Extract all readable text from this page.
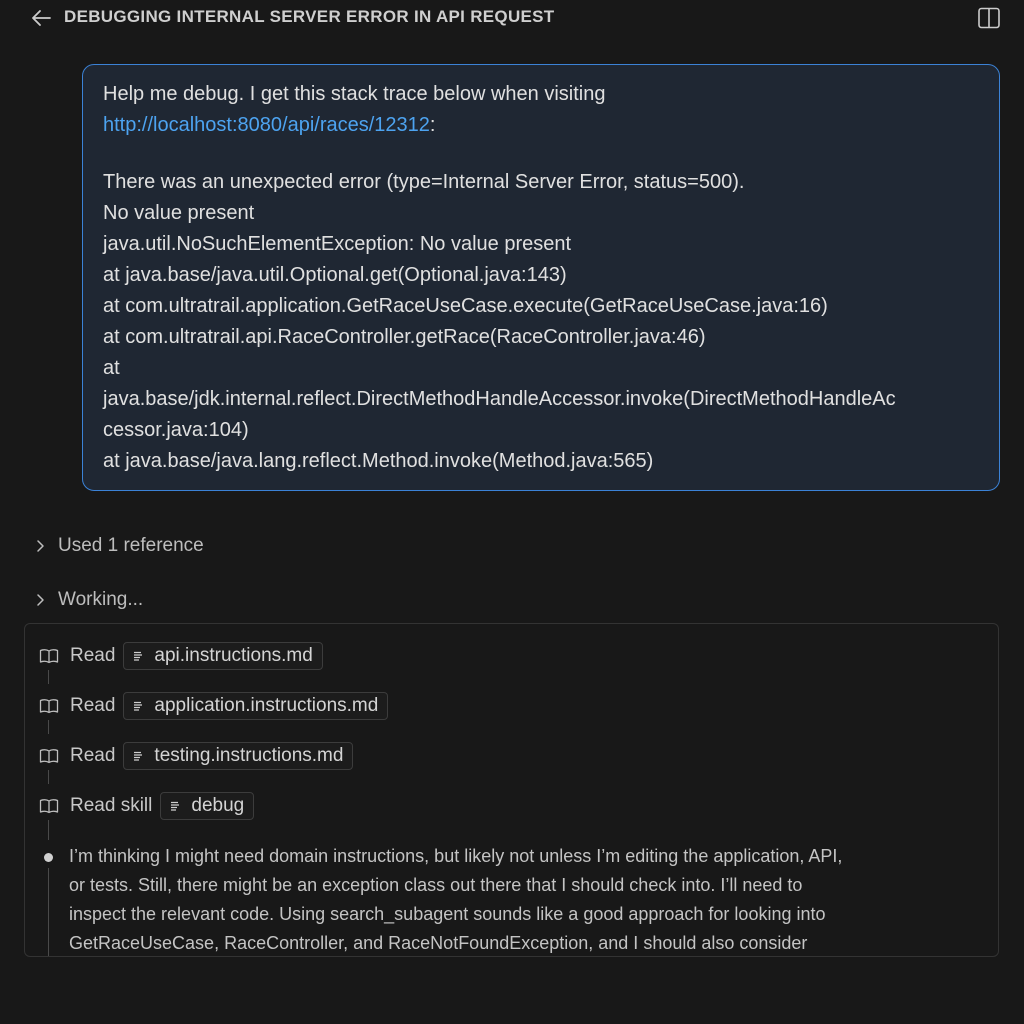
DEBUGGING INTERNAL SERVER ERROR IN API REQUEST
Help me debug. I get this stack trace below when visiting
http://localhost:8080/api/races/12312:
There was an unexpected error (type=Internal Server Error, status=500).
No value present
java.util.NoSuchElementException: No value present
at java.base/java.util.Optional.get(Optional.java:143)
at com.ultratrail.application.GetRaceUseCase.execute(GetRaceUseCase.java:16)
at com.ultratrail.api.RaceController.getRace(RaceController.java:46)
at
java.base/jdk.internal.reflect.DirectMethodHandleAccessor.invoke(DirectMethodHandleAc
cessor.java:104)
at java.base/java.lang.reflect.Method.invoke(Method.java:565)
Used 1 reference
Working...
Read api.instructions.md
Read application.instructions.md
Read testing.instructions.md
Read skill debug
I’m thinking I might need domain instructions, but likely not unless I’m editing the application, API,
or tests. Still, there might be an exception class out there that I should check into. I’ll need to
inspect the relevant code. Using search_subagent sounds like a good approach for looking into
GetRaceUseCase, RaceController, and RaceNotFoundException, and I should also consider
